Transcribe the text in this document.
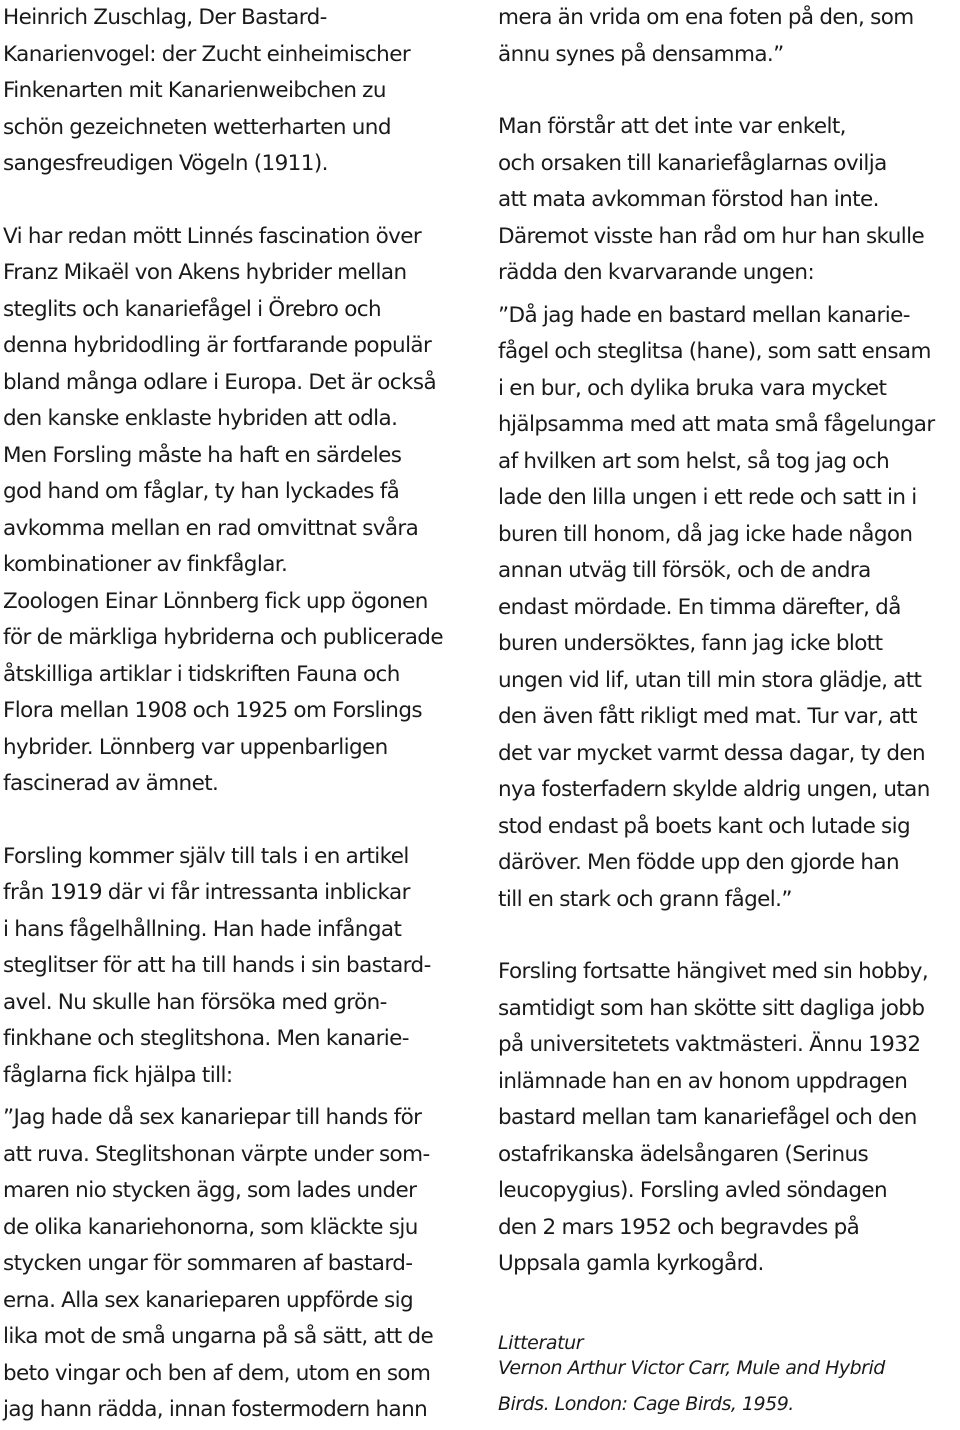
Heinrich Zuschlag, Der Bastard-
Kanarienvogel: der Zucht einheimischer
Finkenarten mit Kanarienweibchen zu
schön gezeichneten wetterharten und
sangesfreudigen Vögeln (1911).
Vi har redan mött Linnés fascination över
Franz Mikaël von Akens hybrider mellan
steglits och kanariefågel i Örebro och
denna hybridodling är fortfarande populär
bland många odlare i Europa. Det är också
den kanske enklaste hybriden att odla.
Men Forsling måste ha haft en särdeles
god hand om fåglar, ty han lyckades få
avkomma mellan en rad omvittnat svåra
kombinationer av finkfåglar.
Zoologen Einar Lönnberg fick upp ögonen
för de märkliga hybriderna och publicerade
åtskilliga artiklar i tidskriften Fauna och
Flora mellan 1908 och 1925 om Forslings
hybrider. Lönnberg var uppenbarligen
fascinerad av ämnet.
Forsling kommer själv till tals i en artikel
från 1919 där vi får intressanta inblickar
i hans fågelhållning. Han hade infångat
steglitser för att ha till hands i sin bastard-
avel. Nu skulle han försöka med grön-
finkhane och steglitshona. Men kanarie-
fåglarna fick hjälpa till:
”Jag hade då sex kanariepar till hands för
att ruva. Steglitshonan värpte under som-
maren nio stycken ägg, som lades under
de olika kanariehonorna, som kläckte sju
stycken ungar för sommaren af bastard-
erna. Alla sex kanarieparen uppförde sig
lika mot de små ungarna på så sätt, att de
beto vingar och ben af dem, utom en som
jag hann rädda, innan fostermodern hann
mera än vrida om ena foten på den, som
ännu synes på densamma.”
Man förstår att det inte var enkelt,
och orsaken till kanariefåglarnas ovilja
att mata avkomman förstod han inte.
Däremot visste han råd om hur han skulle
rädda den kvarvarande ungen:
”Då jag hade en bastard mellan kanarie-
fågel och steglitsa (hane), som satt ensam
i en bur, och dylika bruka vara mycket
hjälpsamma med att mata små fågelungar
af hvilken art som helst, så tog jag och
lade den lilla ungen i ett rede och satt in i
buren till honom, då jag icke hade någon
annan utväg till försök, och de andra
endast mördade. En timma därefter, då
buren undersöktes, fann jag icke blott
ungen vid lif, utan till min stora glädje, att
den även fått rikligt med mat. Tur var, att
det var mycket varmt dessa dagar, ty den
nya fosterfadern skylde aldrig ungen, utan
stod endast på boets kant och lutade sig
däröver. Men födde upp den gjorde han
till en stark och grann fågel.”
Forsling fortsatte hängivet med sin hobby,
samtidigt som han skötte sitt dagliga jobb
på universitetets vaktmästeri. Ännu 1932
inlämnade han en av honom uppdragen
bastard mellan tam kanariefågel och den
ostafrikanska ädelsångaren (Serinus
leucopygius). Forsling avled söndagen
den 2 mars 1952 och begravdes på
Uppsala gamla kyrkogård.
Litteratur
Vernon Arthur Victor Carr, Mule and Hybrid
Birds. London: Cage Birds, 1959.
